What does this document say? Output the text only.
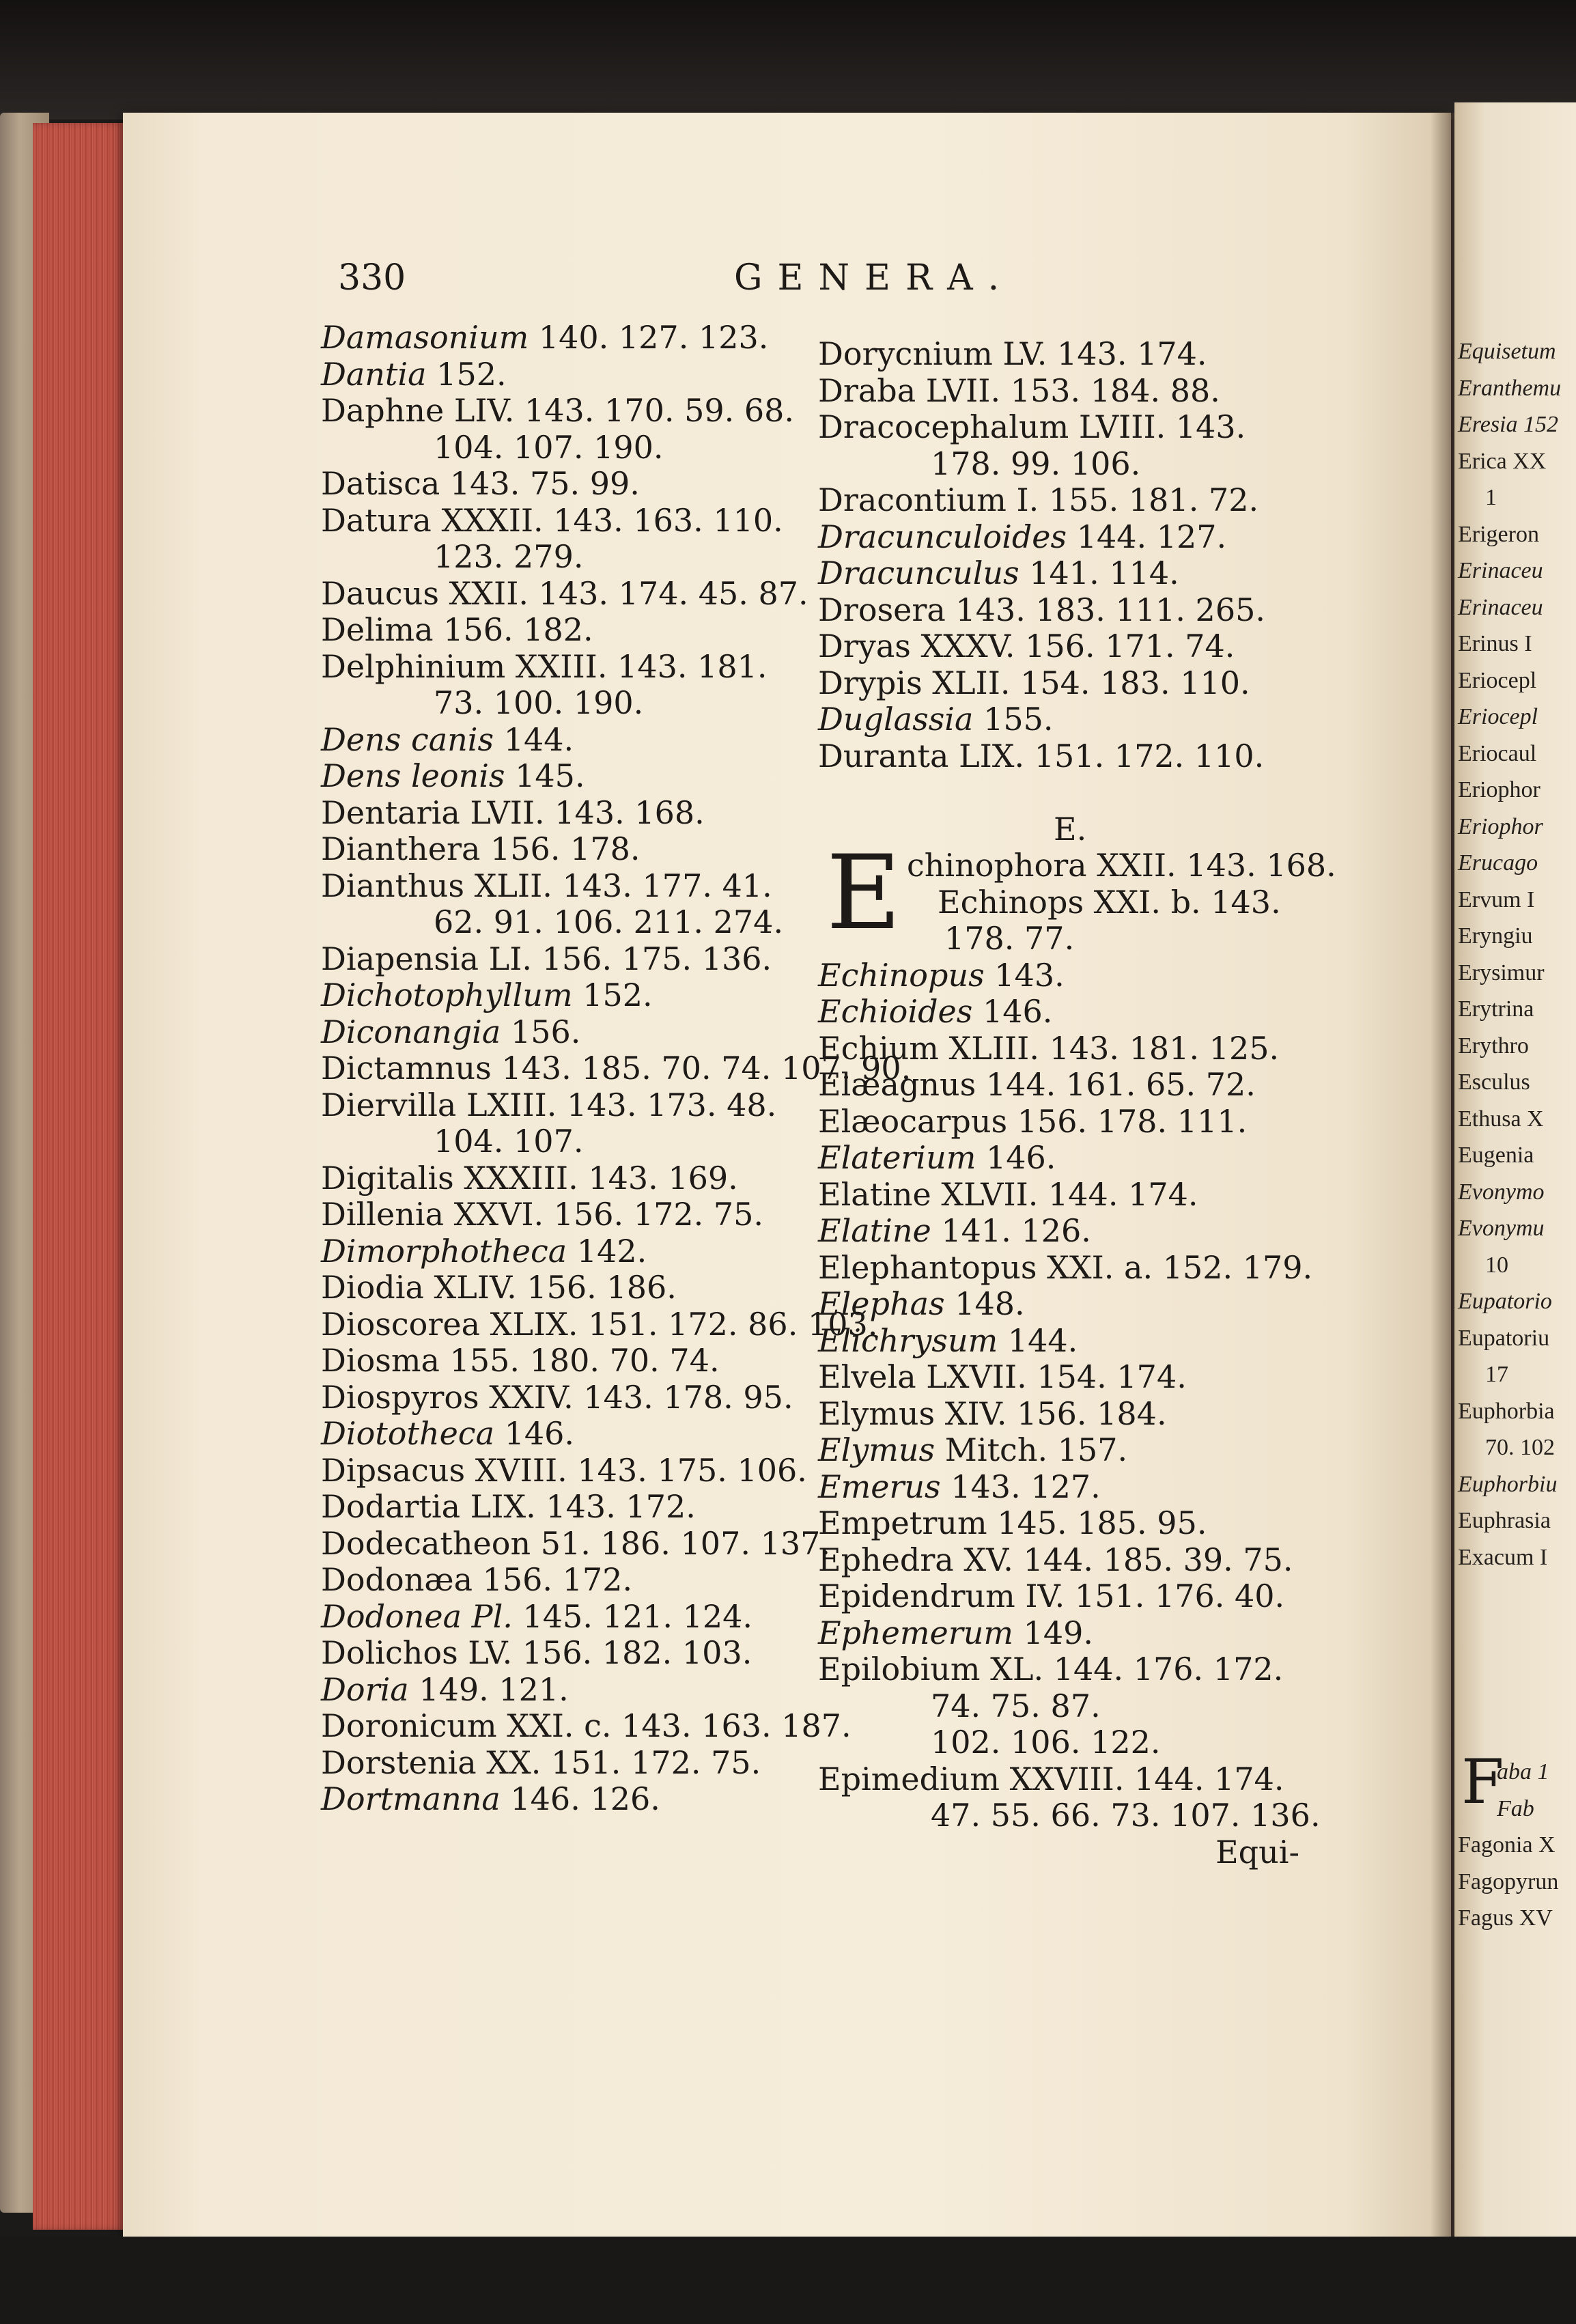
Equisetum
Eranthemu
Eresia 152
Erica XX
1
Erigeron
Erinaceu
Erinaceu
Erinus I
Eriocepl
Eriocepl
Eriocaul
Eriophor
Eriophor
Erucago
Ervum I
Eryngiu
Erysimur
Erytrina
Erythro
Esculus
Ethusa X
Eugenia
Evonymo
Evonymu
10
Eupatorio
Eupatoriu
17
Euphorbia
70. 102
Euphorbiu
Euphrasia
Exacum I
F
aba 1
Fab
Fagonia X
Fagopyrun
Fagus XV
330	GENERA.
Damasonium 140. 127. 123.
Dantia 152.
Daphne LIV. 143. 170. 59. 68.
104. 107. 190.
Datisca 143. 75. 99.
Datura XXXII. 143. 163. 110.
123. 279.
Daucus XXII. 143. 174. 45. 87.
Delima 156. 182.
Delphinium XXIII. 143. 181.
73. 100. 190.
Dens canis 144.
Dens leonis 145.
Dentaria LVII. 143. 168.
Dianthera 156. 178.
Dianthus XLII. 143. 177. 41.
62. 91. 106. 211. 274.
Diapensia LI. 156. 175. 136.
Dichotophyllum 152.
Diconangia 156.
Dictamnus 143. 185. 70. 74. 107. 90.
Diervilla LXIII. 143. 173. 48.
104. 107.
Digitalis XXXIII. 143. 169.
Dillenia XXVI. 156. 172. 75.
Dimorphotheca 142.
Diodia XLIV. 156. 186.
Dioscorea XLIX. 151. 172. 86. 103.
Diosma 155. 180. 70. 74.
Diospyros XXIV. 143. 178. 95.
Diototheca 146.
Dipsacus XVIII. 143. 175. 106.
Dodartia LIX. 143. 172.
Dodecatheon 51. 186. 107. 137.
Dodonæa 156. 172.
Dodonea Pl. 145. 121. 124.
Dolichos LV. 156. 182. 103.
Doria 149. 121.
Doronicum XXI. c. 143. 163. 187.
Dorstenia XX. 151. 172. 75.
Dortmanna 146. 126.
Dorycnium LV. 143. 174.
Draba LVII. 153. 184. 88.
Dracocephalum LVIII. 143.
178. 99. 106.
Dracontium I. 155. 181. 72.
Dracunculoides 144. 127.
Dracunculus 141. 114.
Drosera 143. 183. 111. 265.
Dryas XXXV. 156. 171. 74.
Drypis XLII. 154. 183. 110.
Duglassia 155.
Duranta LIX. 151. 172. 110.
E.
E chinophora XXII. 143. 168.
Echinops XXI. b. 143.
178. 77.
Echinopus 143.
Echioides 146.
Echium XLIII. 143. 181. 125.
Elæagnus 144. 161. 65. 72.
Elæocarpus 156. 178. 111.
Elaterium 146.
Elatine XLVII. 144. 174.
Elatine 141. 126.
Elephantopus XXI. a. 152. 179.
Elephas 148.
Elichrysum 144.
Elvela LXVII. 154. 174.
Elymus XIV. 156. 184.
Elymus Mitch. 157.
Emerus 143. 127.
Empetrum 145. 185. 95.
Ephedra XV. 144. 185. 39. 75.
Epidendrum IV. 151. 176. 40.
Ephemerum 149.
Epilobium XL. 144. 176. 172.
74. 75. 87.
102. 106. 122.
Epimedium XXVIII. 144. 174.
47. 55. 66. 73. 107. 136.
Equi-
